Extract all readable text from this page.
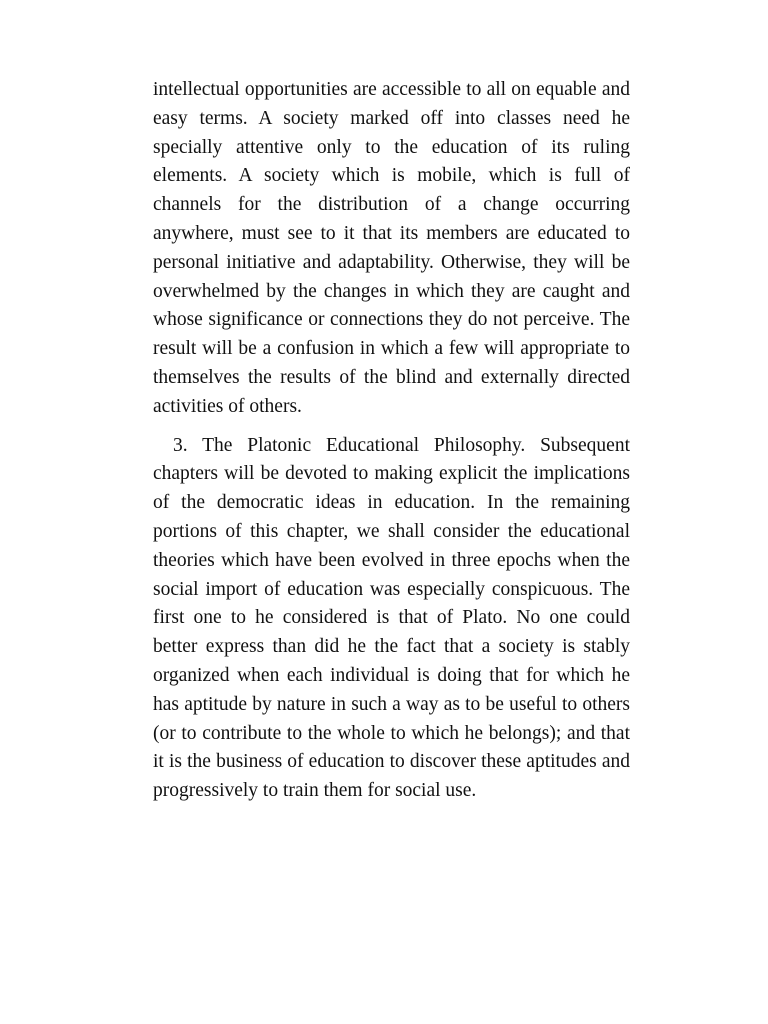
intellectual opportunities are accessible to all on equable and easy terms. A society marked off into classes need he specially attentive only to the education of its ruling elements. A society which is mobile, which is full of channels for the distribution of a change occurring anywhere, must see to it that its members are educated to personal initiative and adaptability. Otherwise, they will be overwhelmed by the changes in which they are caught and whose significance or connections they do not perceive. The result will be a confusion in which a few will appropriate to themselves the results of the blind and externally directed activities of others.

3. The Platonic Educational Philosophy. Subsequent chapters will be devoted to making explicit the implications of the democratic ideas in education. In the remaining portions of this chapter, we shall consider the educational theories which have been evolved in three epochs when the social import of education was especially conspicuous. The first one to he considered is that of Plato. No one could better express than did he the fact that a society is stably organized when each individual is doing that for which he has aptitude by nature in such a way as to be useful to others (or to contribute to the whole to which he belongs); and that it is the business of education to discover these aptitudes and progressively to train them for social use.
